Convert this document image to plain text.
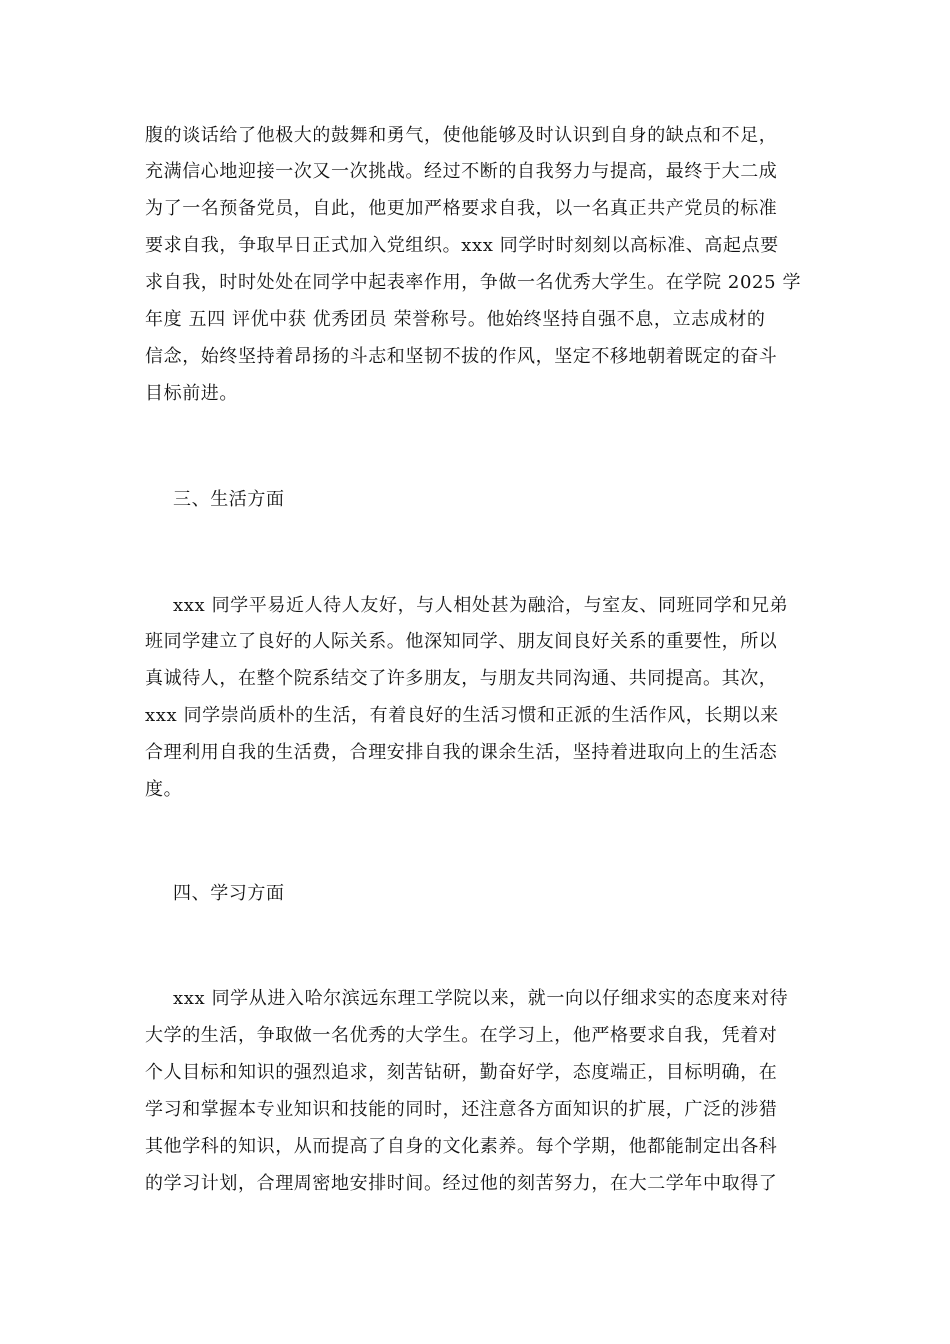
腹的谈话给了他极大的鼓舞和勇气，使他能够及时认识到自身的缺点和不足，
充满信心地迎接一次又一次挑战。经过不断的自我努力与提高，最终于大二成
为了一名预备党员，自此，他更加严格要求自我，以一名真正共产党员的标准
要求自我，争取早日正式加入党组织。xxx 同学时时刻刻以高标准、高起点要
求自我，时时处处在同学中起表率作用，争做一名优秀大学生。在学院 2025 学
年度 五四 评优中获 优秀团员 荣誉称号。他始终坚持自强不息，立志成材的
信念，始终坚持着昂扬的斗志和坚韧不拔的作风，坚定不移地朝着既定的奋斗
目标前进。
三、生活方面
xxx 同学平易近人待人友好，与人相处甚为融洽，与室友、同班同学和兄弟
班同学建立了良好的人际关系。他深知同学、朋友间良好关系的重要性，所以
真诚待人，在整个院系结交了许多朋友，与朋友共同沟通、共同提高。其次，
xxx 同学崇尚质朴的生活，有着良好的生活习惯和正派的生活作风，长期以来
合理利用自我的生活费，合理安排自我的课余生活，坚持着进取向上的生活态
度。
四、学习方面
xxx 同学从进入哈尔滨远东理工学院以来，就一向以仔细求实的态度来对待
大学的生活，争取做一名优秀的大学生。在学习上，他严格要求自我，凭着对
个人目标和知识的强烈追求，刻苦钻研，勤奋好学，态度端正，目标明确，在
学习和掌握本专业知识和技能的同时，还注意各方面知识的扩展，广泛的涉猎
其他学科的知识，从而提高了自身的文化素养。每个学期，他都能制定出各科
的学习计划，合理周密地安排时间。经过他的刻苦努力，在大二学年中取得了
